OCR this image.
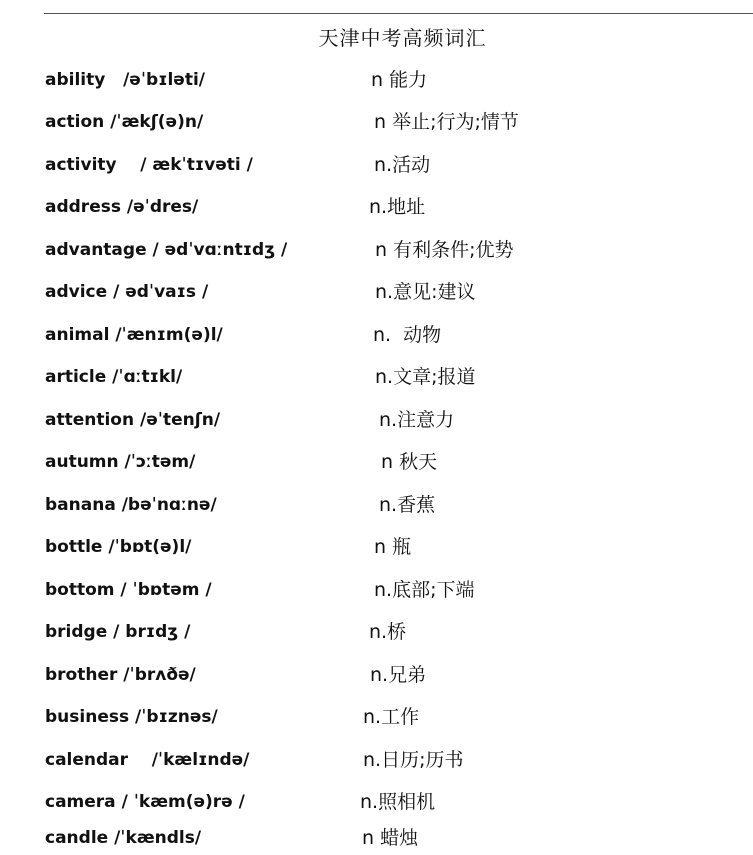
天津中考高频词汇
ability   /əˈbɪləti/	n 能力
action /ˈækʃ(ə)n/	n 举止;行为;情节
activity    / ækˈtɪvəti /	n.活动
address /əˈdres/	n.地址
advantage / ədˈvɑːntɪdʒ /	n 有利条件;优势
advice / ədˈvaɪs /	n.意见:建议
animal /ˈænɪm(ə)l/	n.  动物
article /ˈɑːtɪkl/	n.文章;报道
attention /əˈtenʃn/	n.注意力
autumn /ˈɔːtəm/	n 秋天
banana /bəˈnɑːnə/	n.香蕉
bottle /ˈbɒt(ə)l/	n 瓶
bottom / ˈbɒtəm /	n.底部;下端
bridge / brɪdʒ /	n.桥
brother /ˈbrʌðə/	n.兄弟
business /ˈbɪznəs/	n.工作
calendar    /ˈkælɪndə/	n.日历;历书
camera / ˈkæm(ə)rə /	n.照相机
candle /ˈkændls/	n 蜡烛
